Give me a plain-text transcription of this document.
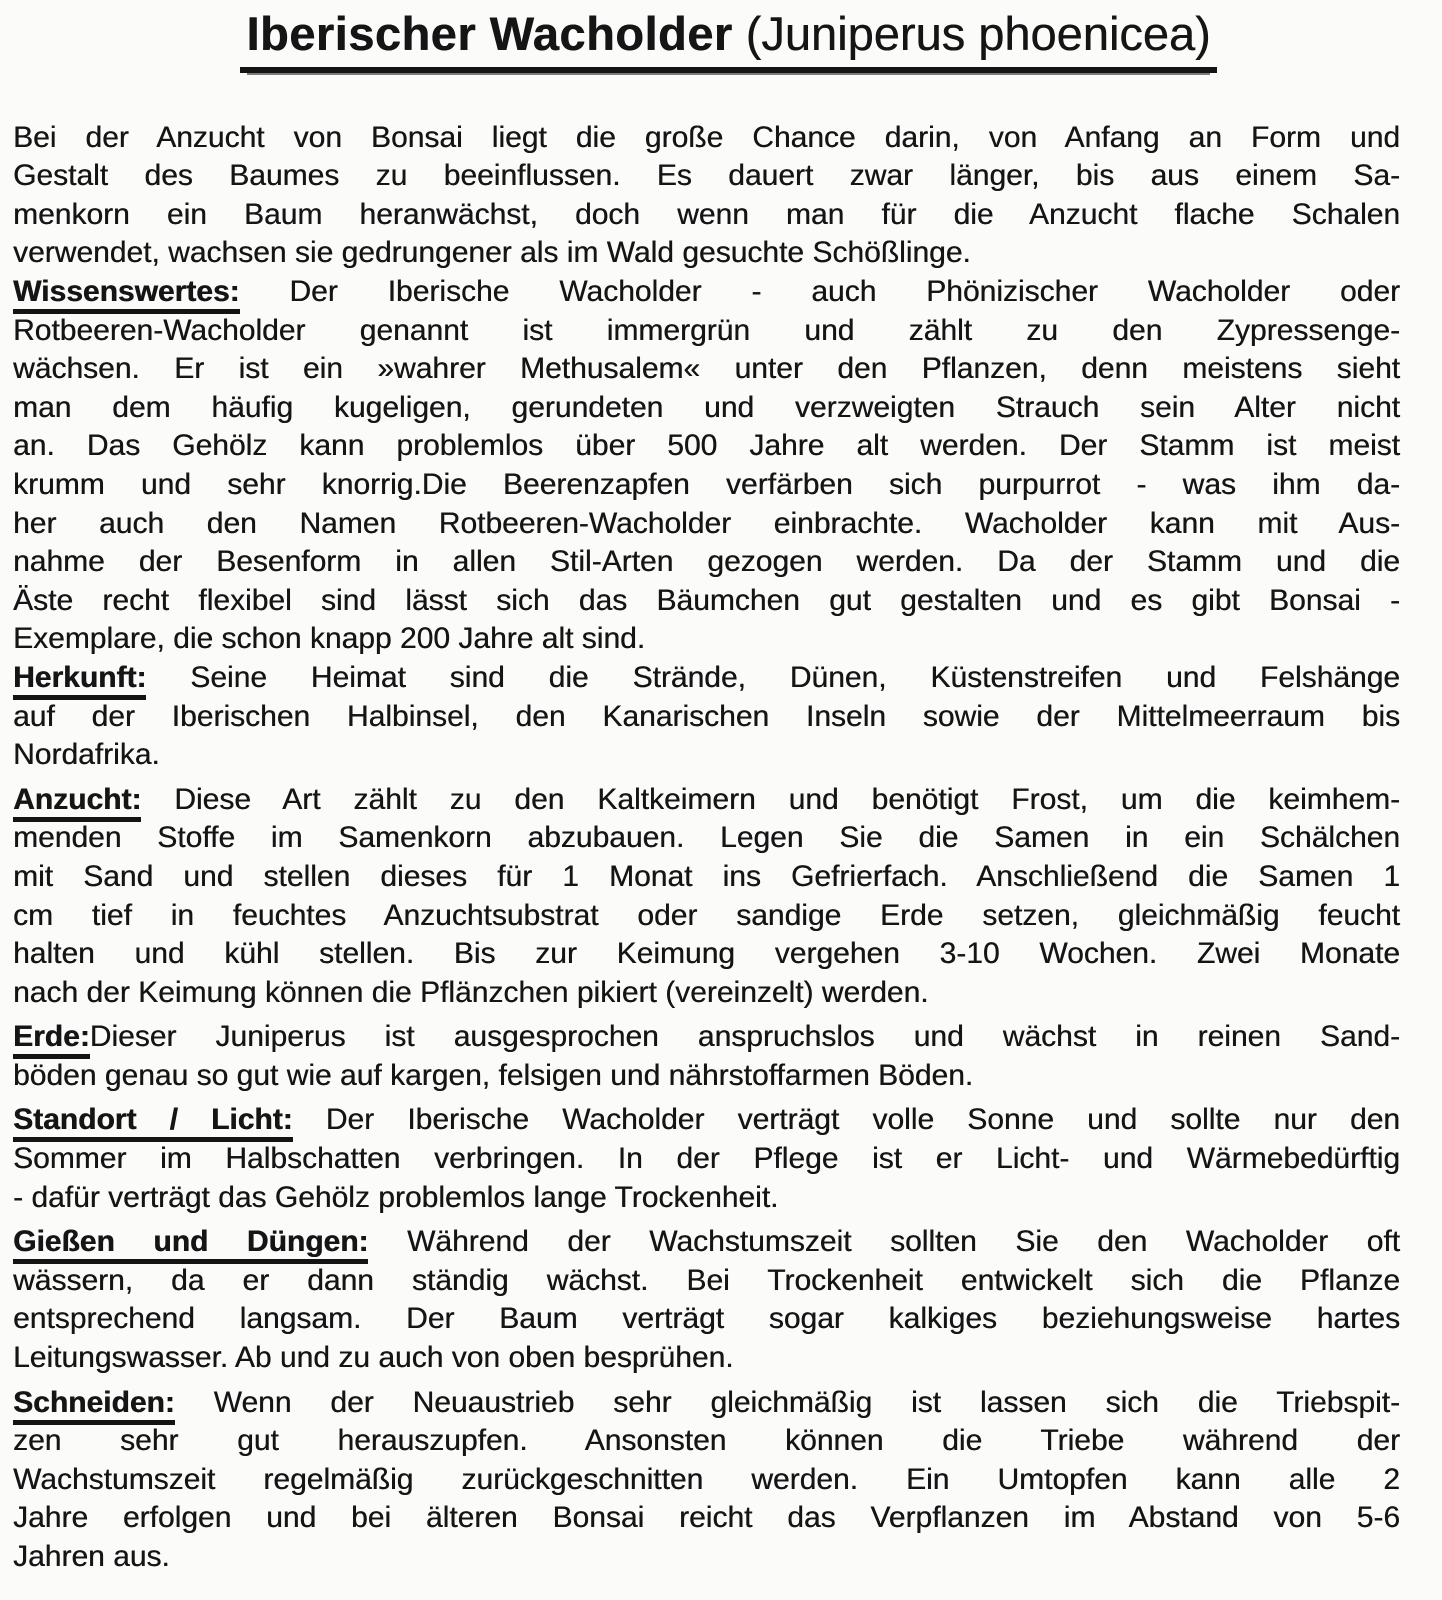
Iberischer Wacholder (Juniperus phoenicea)
Bei der Anzucht von Bonsai liegt die große Chance darin, von Anfang an Form und
Gestalt des Baumes zu beeinflussen. Es dauert zwar länger, bis aus einem Sa-
menkorn ein Baum heranwächst, doch wenn man für die Anzucht flache Schalen
verwendet, wachsen sie gedrungener als im Wald gesuchte Schößlinge.
Wissenswertes: Der Iberische Wacholder - auch Phönizischer Wacholder oder
Rotbeeren-Wacholder genannt ist immergrün und zählt zu den Zypressenge-
wächsen. Er ist ein »wahrer Methusalem« unter den Pflanzen, denn meistens sieht
man dem häufig kugeligen, gerundeten und verzweigten Strauch sein Alter nicht
an. Das Gehölz kann problemlos über 500 Jahre alt werden. Der Stamm ist meist
krumm und sehr knorrig.Die Beerenzapfen verfärben sich purpurrot - was ihm da-
her auch den Namen Rotbeeren-Wacholder einbrachte. Wacholder kann mit Aus-
nahme der Besenform in allen Stil-Arten gezogen werden. Da der Stamm und die
Äste recht flexibel sind lässt sich das Bäumchen gut gestalten und es gibt Bonsai -
Exemplare, die schon knapp 200 Jahre alt sind.
Herkunft: Seine Heimat sind die Strände, Dünen, Küstenstreifen und Felshänge
auf der Iberischen Halbinsel, den Kanarischen Inseln sowie der Mittelmeerraum bis
Nordafrika.
Anzucht: Diese Art zählt zu den Kaltkeimern und benötigt Frost, um die keimhem-
menden Stoffe im Samenkorn abzubauen. Legen Sie die Samen in ein Schälchen
mit Sand und stellen dieses für 1 Monat ins Gefrierfach. Anschließend die Samen 1
cm tief in feuchtes Anzuchtsubstrat oder sandige Erde setzen, gleichmäßig feucht
halten und kühl stellen. Bis zur Keimung vergehen 3-10 Wochen. Zwei Monate
nach der Keimung können die Pflänzchen pikiert (vereinzelt) werden.
Erde:Dieser Juniperus ist ausgesprochen anspruchslos und wächst in reinen Sand-
böden genau so gut wie auf kargen, felsigen und nährstoffarmen Böden.
Standort / Licht: Der Iberische Wacholder verträgt volle Sonne und sollte nur den
Sommer im Halbschatten verbringen. In der Pflege ist er Licht- und Wärmebedürftig
- dafür verträgt das Gehölz problemlos lange Trockenheit.
Gießen und Düngen: Während der Wachstumszeit sollten Sie den Wacholder oft
wässern, da er dann ständig wächst. Bei Trockenheit entwickelt sich die Pflanze
entsprechend langsam. Der Baum verträgt sogar kalkiges beziehungsweise hartes
Leitungswasser. Ab und zu auch von oben besprühen.
Schneiden: Wenn der Neuaustrieb sehr gleichmäßig ist lassen sich die Triebspit-
zen sehr gut herauszupfen. Ansonsten können die Triebe während der
Wachstumszeit regelmäßig zurückgeschnitten werden. Ein Umtopfen kann alle 2
Jahre erfolgen und bei älteren Bonsai reicht das Verpflanzen im Abstand von 5-6
Jahren aus.
